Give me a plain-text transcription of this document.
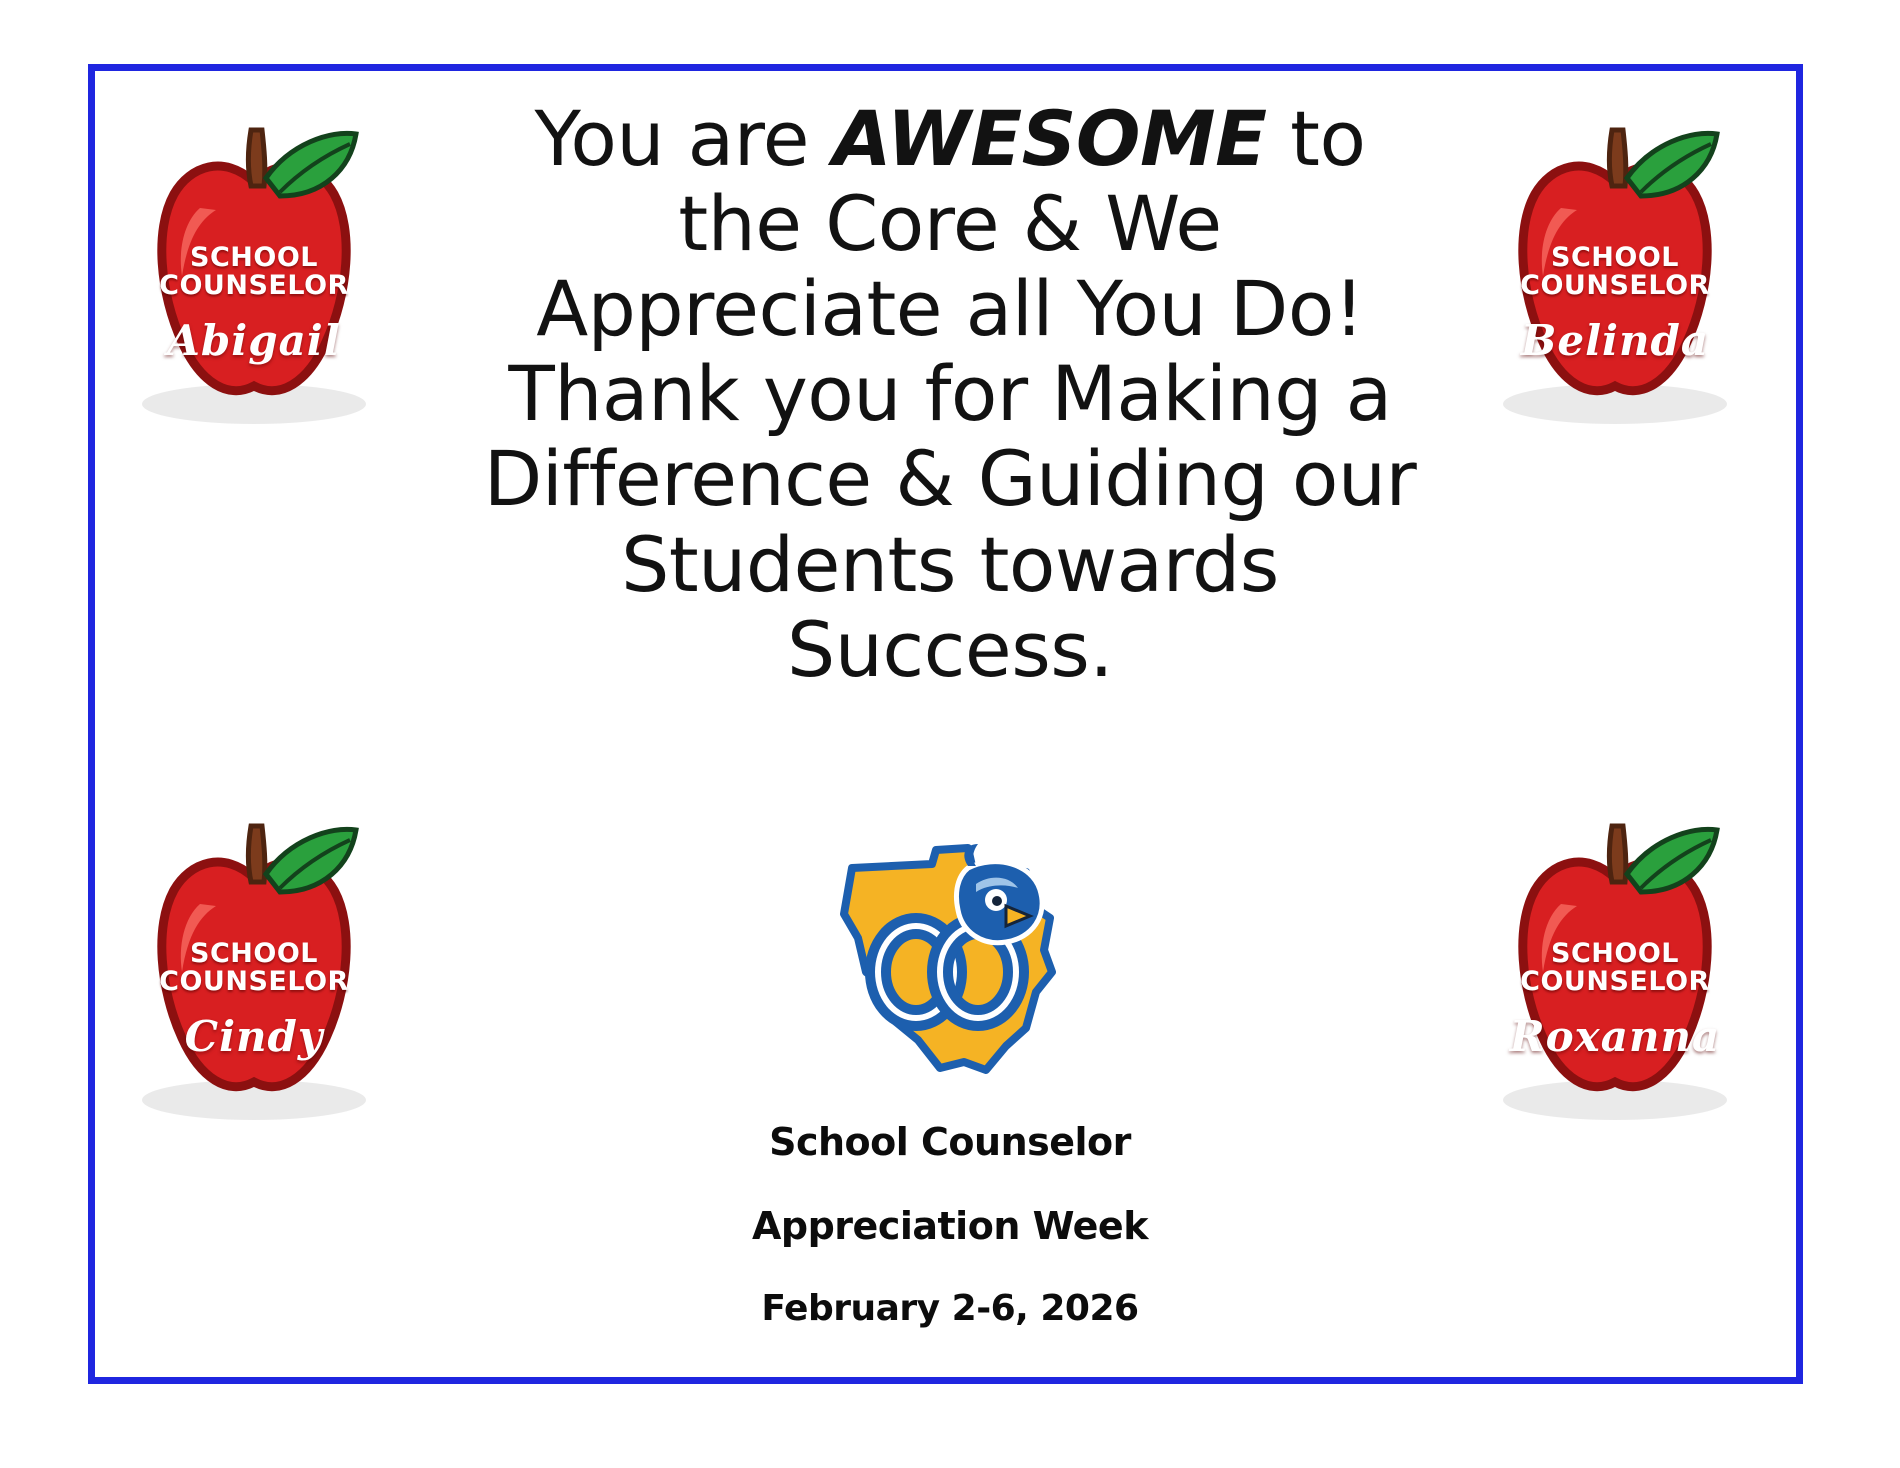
You are AWESOME to the Core & We Appreciate all You Do! Thank you for Making a Difference & Guiding our Students towards Success.
SCHOOL
COUNSELOR
Abigail
SCHOOL
COUNSELOR
Belinda
SCHOOL
COUNSELOR
Cindy
SCHOOL
COUNSELOR
Roxanna
School Counselor
Appreciation Week
February 2-6, 2026
